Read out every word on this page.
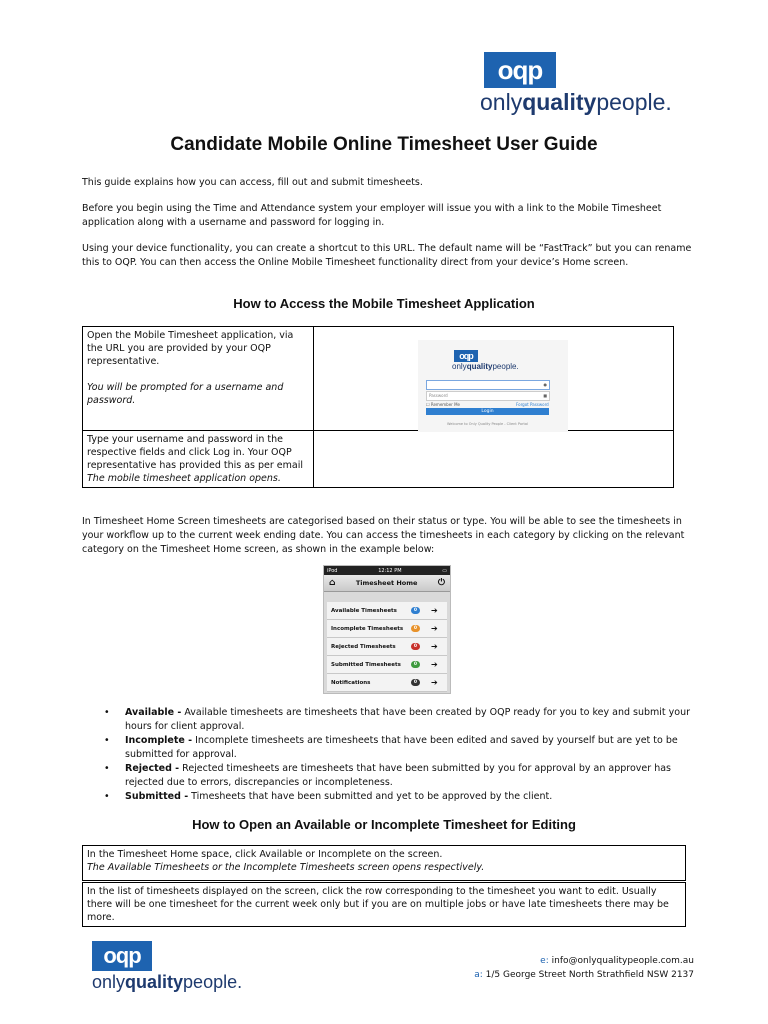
oqp
onlyqualitypeople.
Candidate Mobile Online Timesheet User Guide
This guide explains how you can access, fill out and submit timesheets.
Before you begin using the Time and Attendance system your employer will issue you with a link to the Mobile Timesheet application along with a username and password for logging in.
Using your device functionality, you can create a shortcut to this URL. The default name will be “FastTrack” but you can rename this to OQP. You can then access the Online Mobile Timesheet functionality direct from your device’s Home screen.
How to Access the Mobile Timesheet Application
Open the Mobile Timesheet application, via the URL you are provided by your OQP representative.
You will be prompted for a username and password.	

Type your username and password in the respective fields and click Log in. Your OQP representative has provided this as per email
The mobile timesheet application opens.	

oqp
onlyqualitypeople.
●
Password	■
☐ Remember Me	Forgot Password
Login
Welcome to Only Quality People - Client Portal
In Timesheet Home Screen timesheets are categorised based on their status or type. You will be able to see the timesheets in your workflow up to the current week ending date. You can access the timesheets in each category by clicking on the relevant category on the Timesheet Home screen, as shown in the example below:
iPod	12:12 PM	▭
⌂	Timesheet Home ⏻
Available Timesheets	0	➔
Incomplete Timesheets	0	➔
Rejected Timesheets	0	➔
Submitted Timesheets	0	➔
Notifications	0	➔
• Available - Available timesheets are timesheets that have been created by OQP ready for you to key and submit your hours for client approval.
• Incomplete - Incomplete timesheets are timesheets that have been edited and saved by yourself but are yet to be submitted for approval.
• Rejected - Rejected timesheets are timesheets that have been submitted by you for approval by an approver has rejected due to errors, discrepancies or incompleteness.
• Submitted - Timesheets that have been submitted and yet to be approved by the client.
How to Open an Available or Incomplete Timesheet for Editing
In the Timesheet Home space, click Available or Incomplete on the screen.
The Available Timesheets or the Incomplete Timesheets screen opens respectively.
In the list of timesheets displayed on the screen, click the row corresponding to the timesheet you want to edit. Usually there will be one timesheet for the current week only but if you are on multiple jobs or have late timesheets there may be more.
oqp
onlyqualitypeople.
e: info@onlyqualitypeople.com.au
a: 1/5 George Street North Strathfield NSW 2137
